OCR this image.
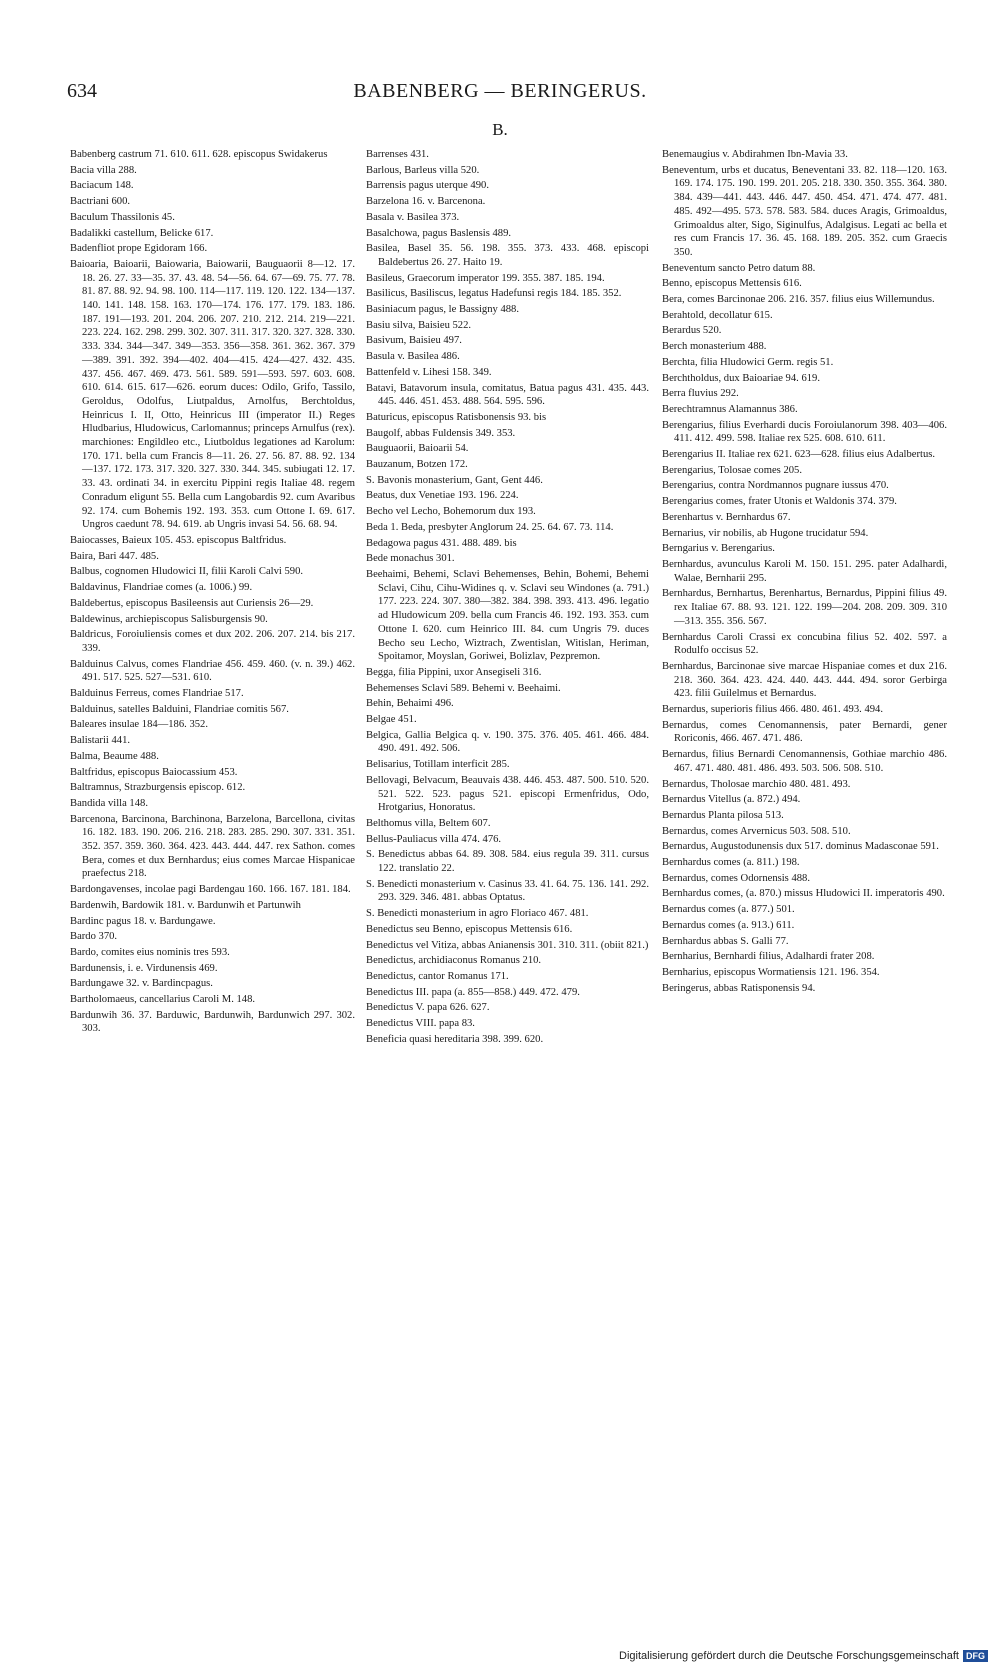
634	BABENBERG — BERINGERUS.
B.

Babenberg castrum 71. 610. 611. 628. episcopus Swidakerus

Bacia villa 288.

Baciacum 148.

Bactriani 600.

Baculum Thassilonis 45.

Badalikki castellum, Belicke 617.

Badenfliot prope Egidoram 166.

Baioaria, Baioarii, Baiowaria, Baiowarii, Bauguaorii 8—12. 17. 18. 26. 27. 33—35. 37. 43. 48. 54—56. 64. 67—69. 75. 77. 78. 81. 87. 88. 92. 94. 98. 100. 114—117. 119. 120. 122. 134—137. 140. 141. 148. 158. 163. 170—174. 176. 177. 179. 183. 186. 187. 191—193. 201. 204. 206. 207. 210. 212. 214. 219—221. 223. 224. 162. 298. 299. 302. 307. 311. 317. 320. 327. 328. 330. 333. 334. 344—347. 349—353. 356—358. 361. 362. 367. 379—389. 391. 392. 394—402. 404—415. 424—427. 432. 435. 437. 456. 467. 469. 473. 561. 589. 591—593. 597. 603. 608. 610. 614. 615. 617—626. eorum duces: Odilo, Grifo, Tassilo, Geroldus, Odolfus, Liutpaldus, Arnolfus, Berchtoldus, Heinricus I. II, Otto, Heinricus III (imperator II.) Reges Hludbarius, Hludowicus, Carlomannus; princeps Arnulfus (rex). marchiones: Engildleo etc., Liutboldus legationes ad Karolum: 170. 171. bella cum Francis 8—11. 26. 27. 56. 87. 88. 92. 134—137. 172. 173. 317. 320. 327. 330. 344. 345. subiugati 12. 17. 33. 43. ordinati 34. in exercitu Pippini regis Italiae 48. regem Conradum eligunt 55. Bella cum Langobardis 92. cum Avaribus 92. 174. cum Bohemis 192. 193. 353. cum Ottone I. 69. 617. Ungros caedunt 78. 94. 619. ab Ungris invasi 54. 56. 68. 94.

Baiocasses, Baieux 105. 453. episcopus Baltfridus.

Baira, Bari 447. 485.

Balbus, cognomen Hludowici II, filii Karoli Calvi 590.

Baldavinus, Flandriae comes (a. 1006.) 99.

Baldebertus, episcopus Basileensis aut Curiensis 26—29.

Baldewinus, archiepiscopus Salisburgensis 90.

Baldricus, Foroiuliensis comes et dux 202. 206. 207. 214. bis 217. 339.

Balduinus Calvus, comes Flandriae 456. 459. 460. (v. n. 39.) 462. 491. 517. 525. 527—531. 610.

Balduinus Ferreus, comes Flandriae 517.

Balduinus, satelles Balduini, Flandriae comitis 567.

Baleares insulae 184—186. 352.

Balistarii 441.

Balma, Beaume 488.

Baltfridus, episcopus Baiocassium 453.

Baltramnus, Strazburgensis episcop. 612.

Bandida villa 148.

Barcenona, Barcinona, Barchinona, Barzelona, Barcellona, civitas 16. 182. 183. 190. 206. 216. 218. 283. 285. 290. 307. 331. 351. 352. 357. 359. 360. 364. 423. 443. 444. 447. rex Sathon. comes Bera, comes et dux Bernhardus; eius comes Marcae Hispanicae praefectus 218.

Bardongavenses, incolae pagi Bardengau 160. 166. 167. 181. 184.

Bardenwih, Bardowik 181. v. Bardunwih et Partunwih

Bardinc pagus 18. v. Bardungawe.

Bardo 370.

Bardo, comites eius nominis tres 593.

Bardunensis, i. e. Virdunensis 469.

Bardungawe 32. v. Bardincpagus.

Bartholomaeus, cancellarius Caroli M. 148.

Bardunwih 36. 37. Barduwic, Bardunwih, Bardunwich 297. 302. 303.

Barrenses 431.

Barlous, Barleus villa 520.

Barrensis pagus uterque 490.

Barzelona 16. v. Barcenona.

Basala v. Basilea 373.

Basalchowa, pagus Baslensis 489.

Basilea, Basel 35. 56. 198. 355. 373. 433. 468. episcopi Baldebertus 26. 27. Haito 19.

Basileus, Graecorum imperator 199. 355. 387. 185. 194.

Basilicus, Basiliscus, legatus Hadefunsi regis 184. 185. 352.

Basiniacum pagus, le Bassigny 488.

Basiu silva, Baisieu 522.

Basivum, Baisieu 497.

Basula v. Basilea 486.

Battenfeld v. Lihesi 158. 349.

Batavi, Batavorum insula, comitatus, Batua pagus 431. 435. 443. 445. 446. 451. 453. 488. 564. 595. 596.

Baturicus, episcopus Ratisbonensis 93. bis

Baugolf, abbas Fuldensis 349. 353.

Bauguaorii, Baioarii 54.

Bauzanum, Botzen 172.

S. Bavonis monasterium, Gant, Gent 446.

Beatus, dux Venetiae 193. 196. 224.

Becho vel Lecho, Bohemorum dux 193.

Beda 1. Beda, presbyter Anglorum 24. 25. 64. 67. 73. 114.

Bedagowa pagus 431. 488. 489. bis

Bede monachus 301.

Beehaimi, Behemi, Sclavi Behemenses, Behin, Bohemi, Behemi Sclavi, Cihu, Cihu-Widines q. v. Sclavi seu Windones (a. 791.) 177. 223. 224. 307. 380—382. 384. 398. 393. 413. 496. legatio ad Hludowicum 209. bella cum Francis 46. 192. 193. 353. cum Ottone I. 620. cum Heinrico III. 84. cum Ungris 79. duces Becho seu Lecho, Wiztrach, Zwentislan, Witislan, Heriman, Spoitamor, Moyslan, Goriwei, Bolizlav, Pezpremon.

Begga, filia Pippini, uxor Ansegiseli 316.

Behemenses Sclavi 589. Behemi v. Beehaimi.

Behin, Behaimi 496.

Belgae 451.

Belgica, Gallia Belgica q. v. 190. 375. 376. 405. 461. 466. 484. 490. 491. 492. 506.

Belisarius, Totillam interficit 285.

Bellovagi, Belvacum, Beauvais 438. 446. 453. 487. 500. 510. 520. 521. 522. 523. pagus 521. episcopi Ermenfridus, Odo, Hrotgarius, Honoratus.

Belthomus villa, Beltem 607.

Bellus-Pauliacus villa 474. 476.

S. Benedictus abbas 64. 89. 308. 584. eius regula 39. 311. cursus 122. translatio 22.

S. Benedicti monasterium v. Casinus 33. 41. 64. 75. 136. 141. 292. 293. 329. 346. 481. abbas Optatus.

S. Benedicti monasterium in agro Floriaco 467. 481.

Benedictus seu Benno, episcopus Mettensis 616.

Benedictus vel Vitiza, abbas Anianensis 301. 310. 311. (obiit 821.)

Benedictus, archidiaconus Romanus 210.

Benedictus, cantor Romanus 171.

Benedictus III. papa (a. 855—858.) 449. 472. 479.

Benedictus V. papa 626. 627.

Benedictus VIII. papa 83.

Beneficia quasi hereditaria 398. 399. 620.

Benemaugius v. Abdirahmen Ibn-Mavia 33.

Beneventum, urbs et ducatus, Beneventani 33. 82. 118—120. 163. 169. 174. 175. 190. 199. 201. 205. 218. 330. 350. 355. 364. 380. 384. 439—441. 443. 446. 447. 450. 454. 471. 474. 477. 481. 485. 492—495. 573. 578. 583. 584. duces Aragis, Grimoaldus, Grimoaldus alter, Sigo, Siginulfus, Adalgisus. Legati ac bella et res cum Francis 17. 36. 45. 168. 189. 205. 352. cum Graecis 350.

Beneventum sancto Petro datum 88.

Benno, episcopus Mettensis 616.

Bera, comes Barcinonae 206. 216. 357. filius eius Willemundus.

Berahtold, decollatur 615.

Berardus 520.

Berch monasterium 488.

Berchta, filia Hludowici Germ. regis 51.

Berchtholdus, dux Baioariae 94. 619.

Berra fluvius 292.

Berechtramnus Alamannus 386.

Berengarius, filius Everhardi ducis Foroiulanorum 398. 403—406. 411. 412. 499. 598. Italiae rex 525. 608. 610. 611.

Berengarius II. Italiae rex 621. 623—628. filius eius Adalbertus.

Berengarius, Tolosae comes 205.

Berengarius, contra Nordmannos pugnare iussus 470.

Berengarius comes, frater Utonis et Waldonis 374. 379.

Berenhartus v. Bernhardus 67.

Bernarius, vir nobilis, ab Hugone trucidatur 594.

Berngarius v. Berengarius.

Bernhardus, avunculus Karoli M. 150. 151. 295. pater Adalhardi, Walae, Bernharii 295.

Bernhardus, Bernhartus, Berenhartus, Bernardus, Pippini filius 49. rex Italiae 67. 88. 93. 121. 122. 199—204. 208. 209. 309. 310—313. 355. 356. 567.

Bernhardus Caroli Crassi ex concubina filius 52. 402. 597. a Rodulfo occisus 52.

Bernhardus, Barcinonae sive marcae Hispaniae comes et dux 216. 218. 360. 364. 423. 424. 440. 443. 444. 494. soror Gerbirga 423. filii Guilelmus et Bernardus.

Bernardus, superioris filius 466. 480. 461. 493. 494.

Bernardus, comes Cenomannensis, pater Bernardi, gener Roriconis, 466. 467. 471. 486.

Bernardus, filius Bernardi Cenomannensis, Gothiae marchio 486. 467. 471. 480. 481. 486. 493. 503. 506. 508. 510.

Bernardus, Tholosae marchio 480. 481. 493.

Bernardus Vitellus (a. 872.) 494.

Bernardus Planta pilosa 513.

Bernardus, comes Arvernicus 503. 508. 510.

Bernardus, Augustodunensis dux 517. dominus Madasconae 591.

Bernhardus comes (a. 811.) 198.

Bernardus, comes Odornensis 488.

Bernhardus comes, (a. 870.) missus Hludowici II. imperatoris 490.

Bernardus comes (a. 877.) 501.

Bernardus comes (a. 913.) 611.

Bernhardus abbas S. Galli 77.

Bernharius, Bernhardi filius, Adalhardi frater 208.

Bernharius, episcopus Wormatiensis 121. 196. 354.

Beringerus, abbas Ratisponensis 94.

Digitalisierung gefördert durch die Deutsche Forschungsgemeinschaft DFG
